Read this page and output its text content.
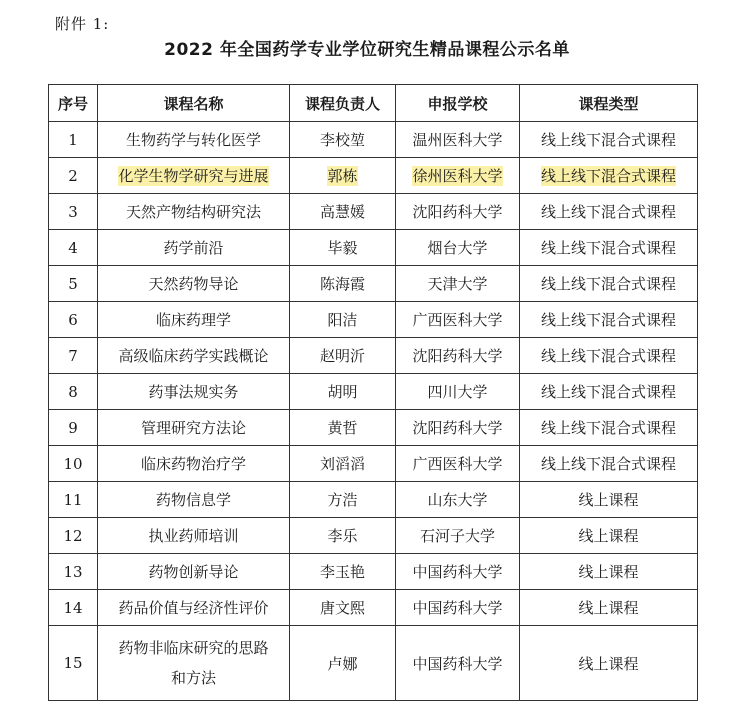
附件 1:
2022 年全国药学专业学位研究生精品课程公示名单
序号	课程名称	课程负责人	申报学校	课程类型
1	生物药学与转化医学	李校堃	温州医科大学	线上线下混合式课程
2	化学生物学研究与进展	郭栋	徐州医科大学	线上线下混合式课程
3	天然产物结构研究法	高慧媛	沈阳药科大学	线上线下混合式课程
4	药学前沿	毕毅	烟台大学	线上线下混合式课程
5	天然药物导论	陈海霞	天津大学	线上线下混合式课程
6	临床药理学	阳洁	广西医科大学	线上线下混合式课程
7	高级临床药学实践概论	赵明沂	沈阳药科大学	线上线下混合式课程
8	药事法规实务	胡明	四川大学	线上线下混合式课程
9	管理研究方法论	黄哲	沈阳药科大学	线上线下混合式课程
10	临床药物治疗学	刘滔滔	广西医科大学	线上线下混合式课程
11	药物信息学	方浩	山东大学	线上课程
12	执业药师培训	李乐	石河子大学	线上课程
13	药物创新导论	李玉艳	中国药科大学	线上课程
14	药品价值与经济性评价	唐文熙	中国药科大学	线上课程
15	药物非临床研究的思路和方法	卢娜	中国药科大学	线上课程
